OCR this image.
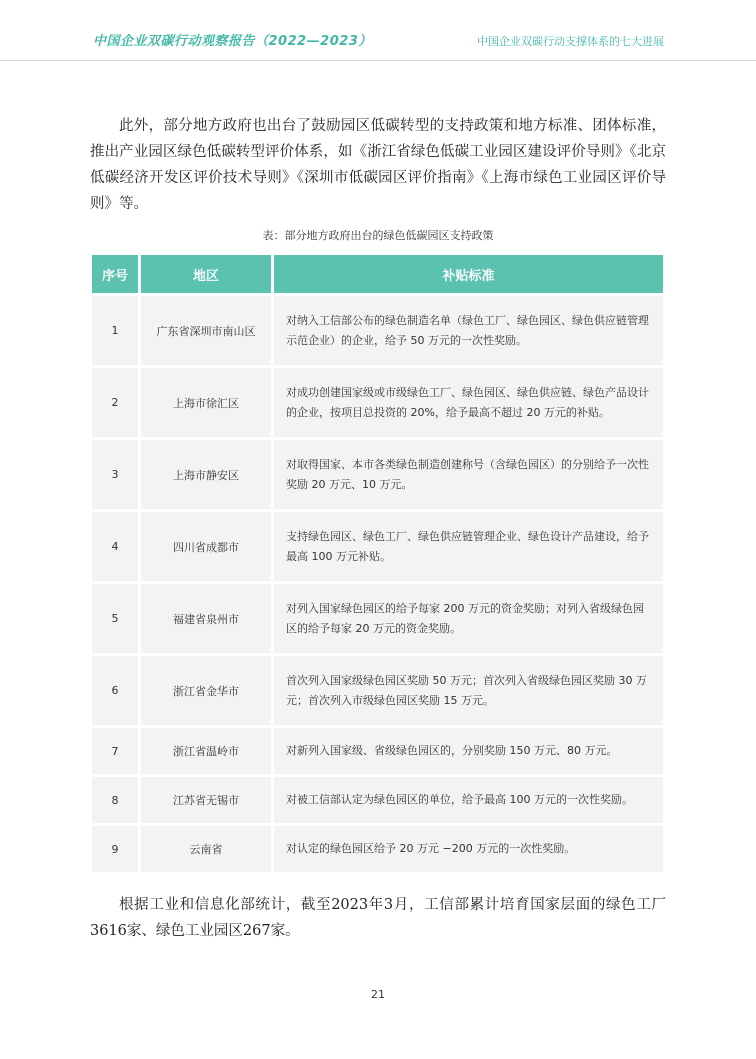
中国企业双碳行动观察报告（2022—2023）	中国企业双碳行动支撑体系的七大进展

此外，部分地方政府也出台了鼓励园区低碳转型的支持政策和地方标准、团体标准，推出产业园区绿色低碳转型评价体系，如《浙江省绿色低碳工业园区建设评价导则》《北京低碳经济开发区评价技术导则》《深圳市低碳园区评价指南》《上海市绿色工业园区评价导则》等。

表：部分地方政府出台的绿色低碳园区支持政策
序号	地区	补贴标准
1	广东省深圳市南山区	对纳入工信部公布的绿色制造名单（绿色工厂、绿色园区、绿色供应链管理示范企业）的企业，给予 50 万元的一次性奖励。
2	上海市徐汇区	对成功创建国家级或市级绿色工厂、绿色园区、绿色供应链、绿色产品设计的企业，按项目总投资的 20%，给予最高不超过 20 万元的补贴。
3	上海市静安区	对取得国家、本市各类绿色制造创建称号（含绿色园区）的分别给予一次性奖励 20 万元、10 万元。
4	四川省成都市	支持绿色园区、绿色工厂、绿色供应链管理企业、绿色设计产品建设，给予最高 100 万元补贴。
5	福建省泉州市	对列入国家绿色园区的给予每家 200 万元的资金奖励；对列入省级绿色园区的给予每家 20 万元的资金奖励。
6	浙江省金华市	首次列入国家级绿色园区奖励 50 万元；首次列入省级绿色园区奖励 30 万元；首次列入市级绿色园区奖励 15 万元。
7	浙江省温岭市	对新列入国家级、省级绿色园区的，分别奖励 150 万元、80 万元。
8	江苏省无锡市	对被工信部认定为绿色园区的单位，给予最高 100 万元的一次性奖励。
9	云南省	对认定的绿色园区给予 20 万元 −200 万元的一次性奖励。

根据工业和信息化部统计，截至2023年3月，工信部累计培育国家层面的绿色工厂3616家、绿色工业园区267家。

21
